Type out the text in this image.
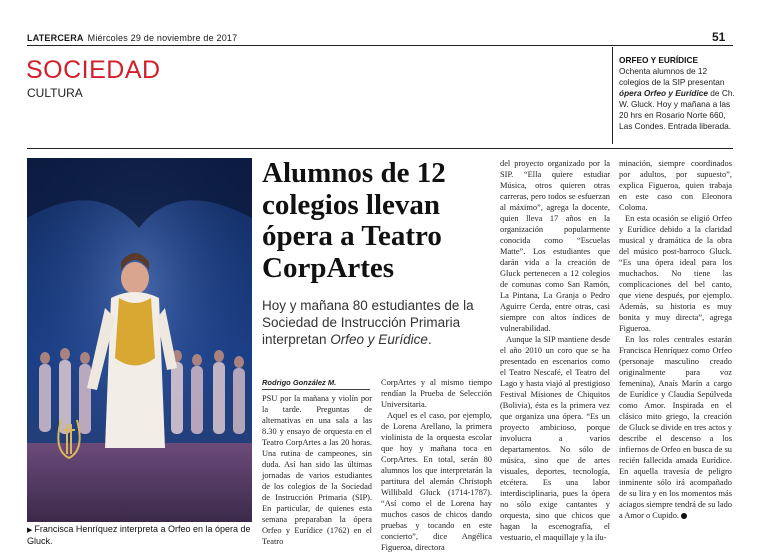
LATERCERA Miércoles 29 de noviembre de 2017	51
SOCIEDAD
CULTURA
ORFEO Y EURÍDICE
Ochenta alumnos de 12 colegios de la SIP presentan ópera Orfeo y Eurídice de Ch. W. Gluck. Hoy y mañana a las 20 hrs en Rosario Norte 660, Las Condes. Entrada liberada.
▶ Francisca Henríquez interpreta a Orfeo en la ópera de Gluck.
Alumnos de 12 colegios llevan ópera a Teatro CorpArtes

Hoy y mañana 80 estudiantes de la Sociedad de Instrucción Primaria interpretan Orfeo y Eurídice.

Rodrigo González M.

PSU por la mañana y violín por la tarde. Preguntas de alternativas en una sala a las 8.30 y ensayo de orquesta en el Teatro CorpArtes a las 20 horas. Una rutina de campeones, sin duda. Así han sido las últimas jornadas de varios estudiantes de los colegios de la Sociedad de Instrucción Primaria (SIP). En particular, de quienes esta semana preparaban la ópera Orfeo y Eurídice (1762) en el Teatro

CorpArtes y al mismo tiempo rendían la Prueba de Selección Universitaria.

Aquel es el caso, por ejemplo, de Lorena Arellano, la primera violinista de la orquesta escolar que hoy y mañana toca en CorpArtes. En total, serán 80 alumnos los que interpretarán la partitura del alemán Christoph Willibald Gluck (1714-1787). “Así como el de Lorena hay muchos casos de chicos dando pruebas y tocando en este concierto”, dice Angélica Figueroa, directora

del proyecto organizado por la SIP. “Ella quiere estudiar Música, otros quieren otras carreras, pero todos se esfuerzan al máximo”, agrega la docente, quien lleva 17 años en la organización popularmente conocida como “Escuelas Matte”. Los estudiantes que darán vida a la creación de Gluck pertenecen a 12 colegios de comunas como San Ramón, La Pintana, La Granja o Pedro Aguirre Cerda, entre otras, casi siempre con altos índices de vulnerabilidad.

Aunque la SIP mantiene desde el año 2010 un coro que se ha presentado en escenarios como el Teatro Nescafé, el Teatro del Lago y hasta viajó al prestigioso Festival Misiones de Chiquitos (Bolivia), ésta es la primera vez que organiza una ópera. “Es un proyecto ambicioso, porque involucra a varios departamentos. No sólo de música, sino que de artes visuales, deportes, tecnología, etcétera. Es una labor interdisciplinaria, pues la ópera no sólo exige cantantes y orquesta, sino que chicos que hagan la escenografía, el vestuario, el maquillaje y la ilu-

minación, siempre coordinados por adultos, por supuesto”, explica Figueroa, quien trabaja en este caso con Eleonora Coloma.

En esta ocasión se eligió Orfeo y Eurídice debido a la claridad musical y dramática de la obra del músico post-barroco Gluck. “Es una ópera ideal para los muchachos. No tiene las complicaciones del bel canto, que viene después, por ejemplo. Además, su historia es muy bonita y muy directa”, agrega Figueroa.

En los roles centrales estarán Francisca Henríquez como Orfeo (personaje masculino creado originalmente para voz femenina), Anaís Marín a cargo de Eurídice y Claudia Sepúlveda como Amor. Inspirada en el clásico mito griego, la creación de Gluck se divide en tres actos y describe el descenso a los infiernos de Orfeo en busca de su recién fallecida amada Eurídice. En aquella travesía de peligro inminente sólo irá acompañado de su lira y en los momentos más aciagos siempre tendrá de su lado a Amor o Cupido.
